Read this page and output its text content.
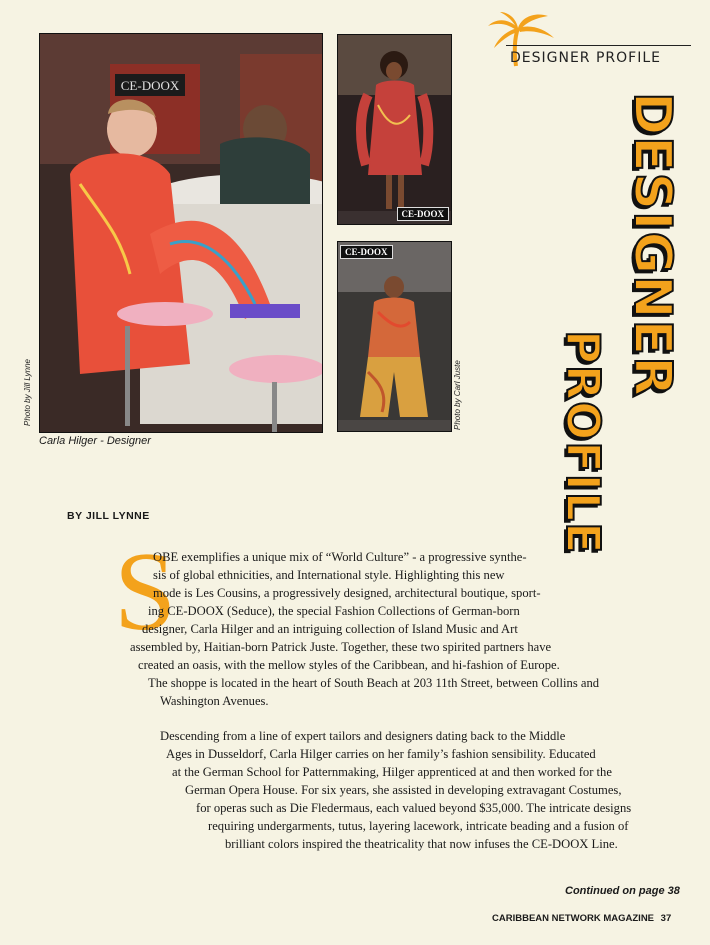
DESIGNER PROFILE
DESIGNER
PROFILE
CE-DOOX
Photo by Jill Lynne
Carla Hilger - Designer
CE-DOOX
CE-DOOX
Photo by Carl Juste
BY JILL LYNNE
S
OBE exemplifies a unique mix of “World Culture” - a progressive synthe-
sis of global ethnicities, and International style. Highlighting this new
mode is Les Cousins, a progressively designed, architectural boutique, sport-
ing CE-DOOX (Seduce), the special Fashion Collections of German-born
designer, Carla Hilger and an intriguing collection of Island Music and Art
assembled by, Haitian-born Patrick Juste. Together, these two spirited partners have
created an oasis, with the mellow styles of the Caribbean, and hi-fashion of Europe.
The shoppe is located in the heart of South Beach at 203 11th Street, between Collins and
Washington Avenues.
Descending from a line of expert tailors and designers dating back to the Middle
Ages in Dusseldorf, Carla Hilger carries on her family’s fashion sensibility. Educated
at the German School for Patternmaking, Hilger apprenticed at and then worked for the
German Opera House. For six years, she assisted in developing extravagant Costumes,
for operas such as Die Fledermaus, each valued beyond $35,000. The intricate designs
requiring undergarments, tutus, layering lacework, intricate beading and a fusion of
brilliant colors inspired the theatricality that now infuses the CE-DOOX Line.
Continued on page 38
CARIBBEAN NETWORK MAGAZINE 37
